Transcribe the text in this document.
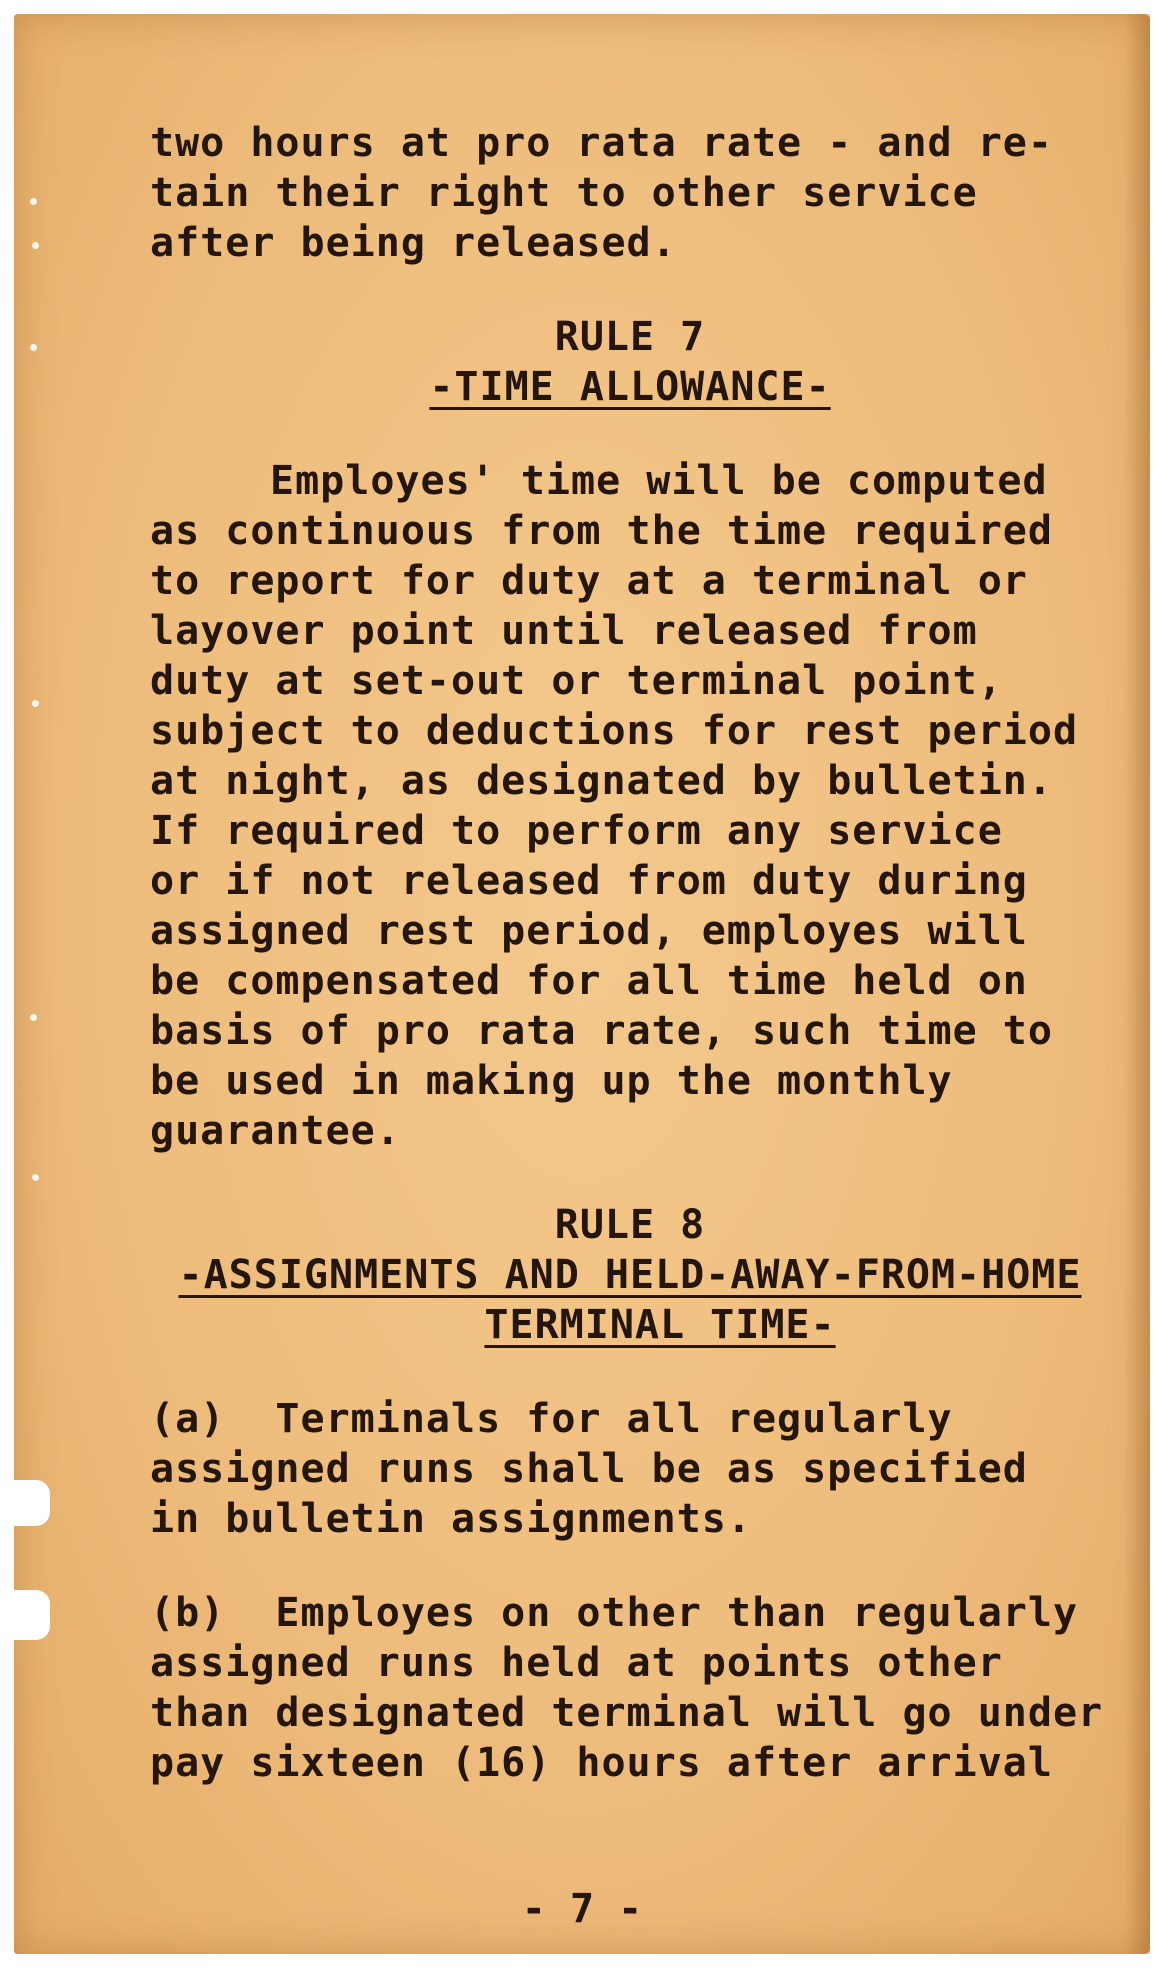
two hours at pro rata rate - and re-
tain their right to other service
after being released.
RULE 7
-TIME ALLOWANCE-
Employes' time will be computed
as continuous from the time required
to report for duty at a terminal or
layover point until released from
duty at set-out or terminal point,
subject to deductions for rest period
at night, as designated by bulletin.
If required to perform any service
or if not released from duty during
assigned rest period, employes will
be compensated for all time held on
basis of pro rata rate, such time to
be used in making up the monthly
guarantee.
RULE 8
-ASSIGNMENTS AND HELD-AWAY-FROM-HOME
TERMINAL TIME-
(a)  Terminals for all regularly
assigned runs shall be as specified
in bulletin assignments.
(b)  Employes on other than regularly
assigned runs held at points other
than designated terminal will go under
pay sixteen (16) hours after arrival
- 7 -
